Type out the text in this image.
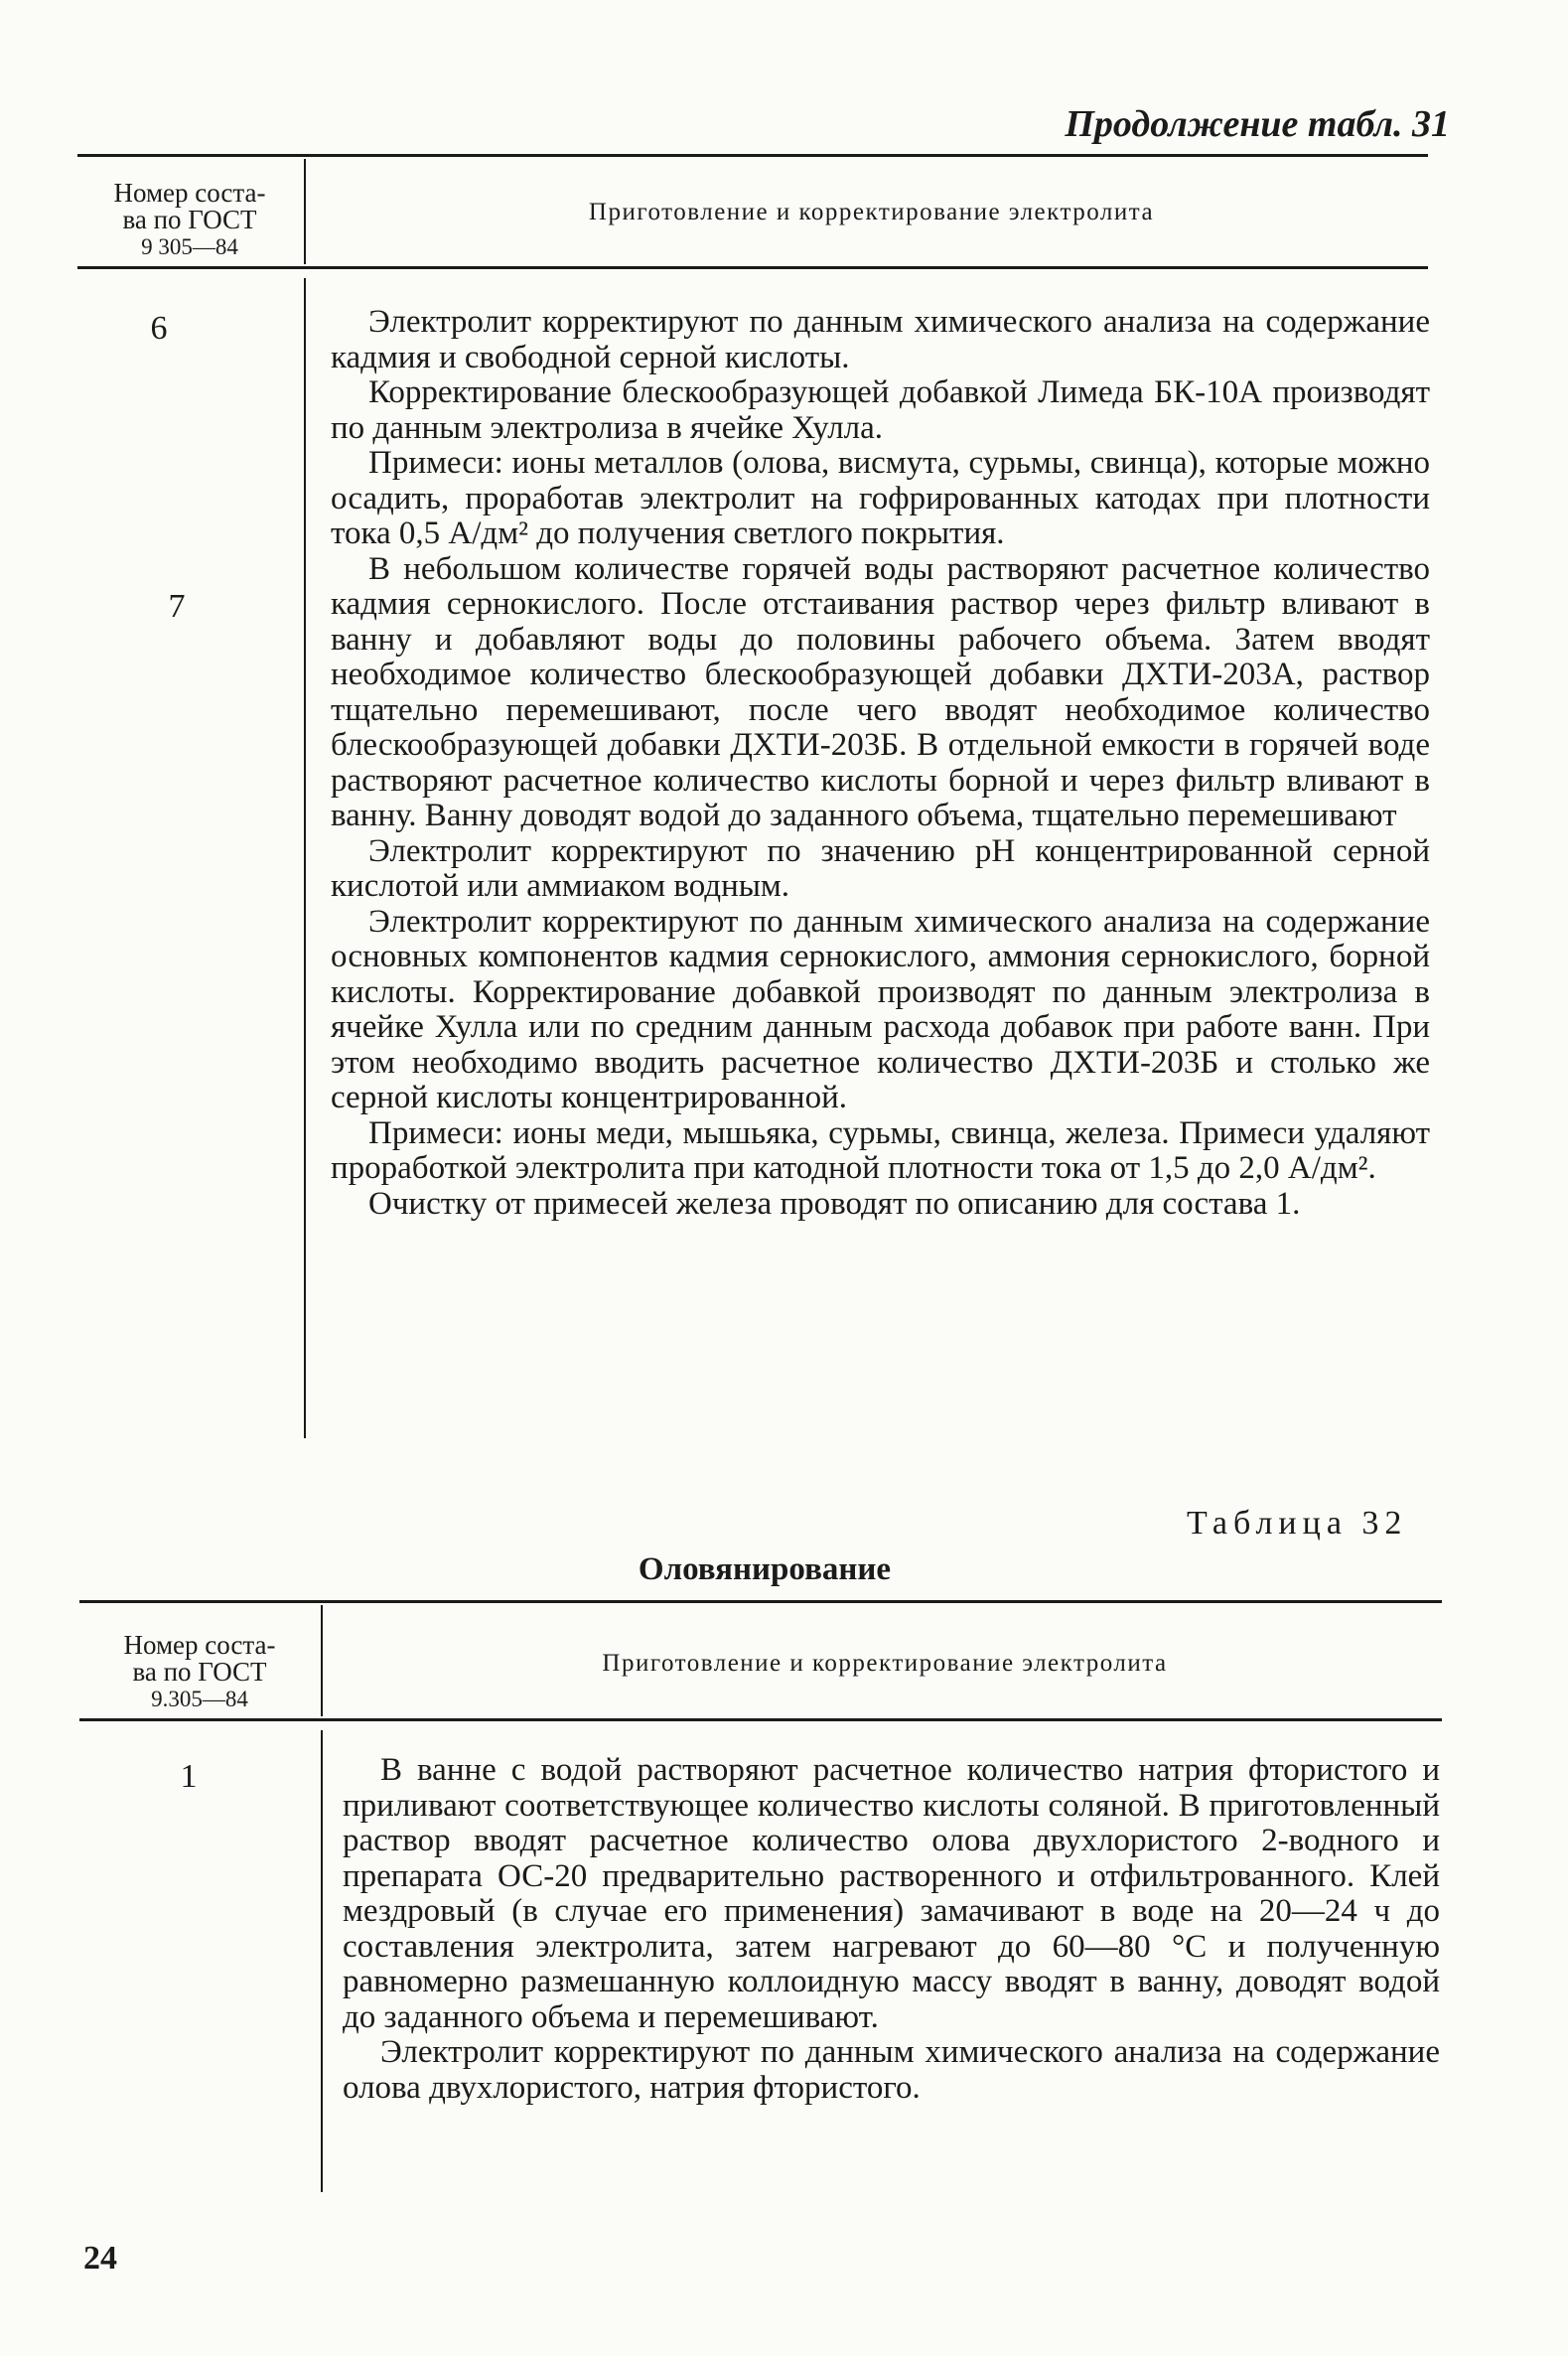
Продолжение табл. 31
Номер соста-
ва по ГОСТ
9 305—84
Приготовление и корректирование электролита
6
7

Электролит корректируют по данным химического анализа на содержание кадмия и свободной серной кислоты.

Корректирование блескообразующей добавкой Лимеда БК-10А производят по данным электролиза в ячейке Хулла.

Примеси: ионы металлов (олова, висмута, сурьмы, свинца), которые можно осадить, проработав электролит на гофрированных катодах при плотности тока 0,5 А/дм² до получения светлого покрытия.

В небольшом количестве горячей воды растворяют расчетное количество кадмия сернокислого. После отстаивания раствор через фильтр вливают в ванну и добавляют воды до половины рабочего объема. Затем вводят необходимое количество блескообразующей добавки ДХТИ-203А, раствор тщательно перемешивают, после чего вводят необходимое количество блескообразующей добавки ДХТИ-203Б. В отдельной емкости в горячей воде растворяют расчетное количество кислоты борной и через фильтр вливают в ванну. Ванну доводят водой до заданного объема, тщательно перемешивают

Электролит корректируют по значению pH концентрированной серной кислотой или аммиаком водным.

Электролит корректируют по данным химического анализа на содержание основных компонентов кадмия сернокислого, аммония сернокислого, борной кислоты. Корректирование добавкой производят по данным электролиза в ячейке Хулла или по средним данным расхода добавок при работе ванн. При этом необходимо вводить расчетное количество ДХТИ-203Б и столько же серной кислоты концентрированной.

Примеси: ионы меди, мышьяка, сурьмы, свинца, железа. Примеси удаляют проработкой электролита при катодной плотности тока от 1,5 до 2,0 А/дм².

Очистку от примесей железа проводят по описанию для состава 1.

Таблица 32
Оловянирование
Номер соста-
ва по ГОСТ
9.305—84
Приготовление и корректирование электролита
1	В ванне с водой растворяют расчетное количество натрия фтористого и приливают соответствующее количество кислоты соляной. В приготовленный раствор вводят расчетное количество олова двухлористого 2-водного и препарата ОС-20 предварительно растворенного и отфильтрованного. Клей мездровый (в случае его применения) замачивают в воде на 20—24 ч до составления электролита, затем нагревают до 60—80 °С и полученную равномерно размешанную коллоидную массу вводят в ванну, доводят водой до заданного объема и перемешивают.

Электролит корректируют по данным химического анализа на содержание олова двухлористого, натрия фтористого.

24
